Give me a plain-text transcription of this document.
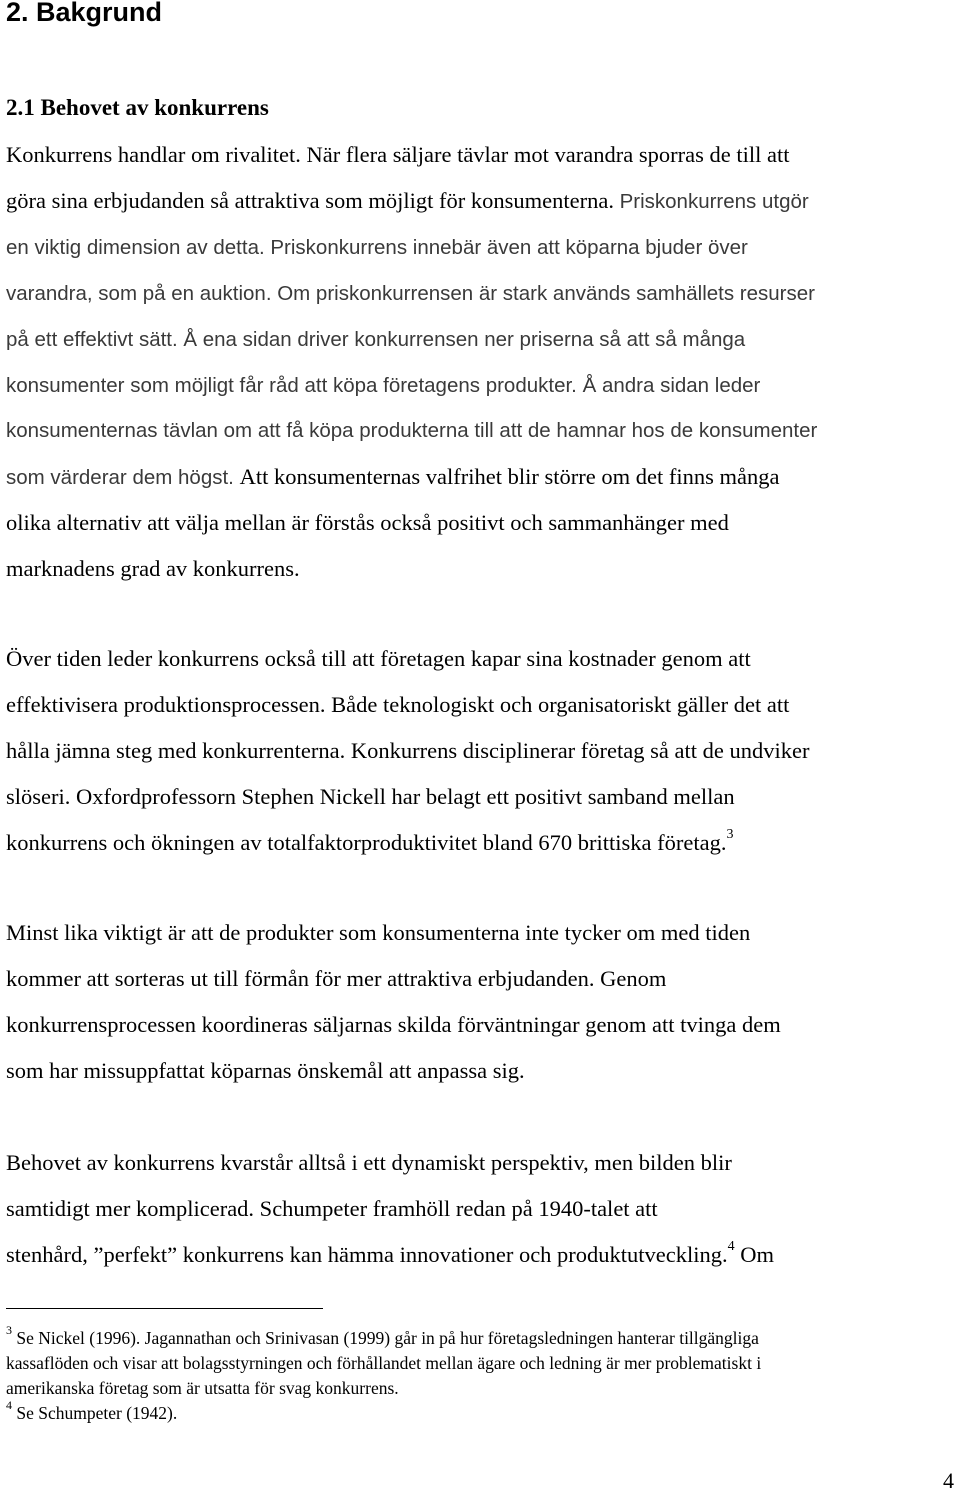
2. Bakgrund
2.1 Behovet av konkurrens
Konkurrens handlar om rivalitet. När flera säljare tävlar mot varandra sporras de till att
göra sina erbjudanden så attraktiva som möjligt för konsumenterna. Priskonkurrens utgör
en viktig dimension av detta. Priskonkurrens innebär även att köparna bjuder över
varandra, som på en auktion. Om priskonkurrensen är stark används samhällets resurser
på ett effektivt sätt. Å ena sidan driver konkurrensen ner priserna så att så många
konsumenter som möjligt får råd att köpa företagens produkter. Å andra sidan leder
konsumenternas tävlan om att få köpa produkterna till att de hamnar hos de konsumenter
som värderar dem högst. Att konsumenternas valfrihet blir större om det finns många
olika alternativ att välja mellan är förstås också positivt och sammanhänger med
marknadens grad av konkurrens.
Över tiden leder konkurrens också till att företagen kapar sina kostnader genom att
effektivisera produktionsprocessen. Både teknologiskt och organisatoriskt gäller det att
hålla jämna steg med konkurrenterna. Konkurrens disciplinerar företag så att de undviker
slöseri. Oxfordprofessorn Stephen Nickell har belagt ett positivt samband mellan
konkurrens och ökningen av totalfaktorproduktivitet bland 670 brittiska företag.$^3$
Minst lika viktigt är att de produkter som konsumenterna inte tycker om med tiden
kommer att sorteras ut till förmån för mer attraktiva erbjudanden. Genom
konkurrensprocessen koordineras säljarnas skilda förväntningar genom att tvinga dem
som har missuppfattat köparnas önskemål att anpassa sig.
Behovet av konkurrens kvarstår alltså i ett dynamiskt perspektiv, men bilden blir
samtidigt mer komplicerad. Schumpeter framhöll redan på 1940-talet att
stenhård, ”perfekt” konkurrens kan hämma innovationer och produktutveckling.$^4$ Om
$^3$ Se Nickel (1996). Jagannathan och Srinivasan (1999) går in på hur företagsledningen hanterar tillgängliga
kassaflöden och visar att bolagsstyrningen och förhållandet mellan ägare och ledning är mer problematiskt i
amerikanska företag som är utsatta för svag konkurrens.
$^4$ Se Schumpeter (1942).
4
